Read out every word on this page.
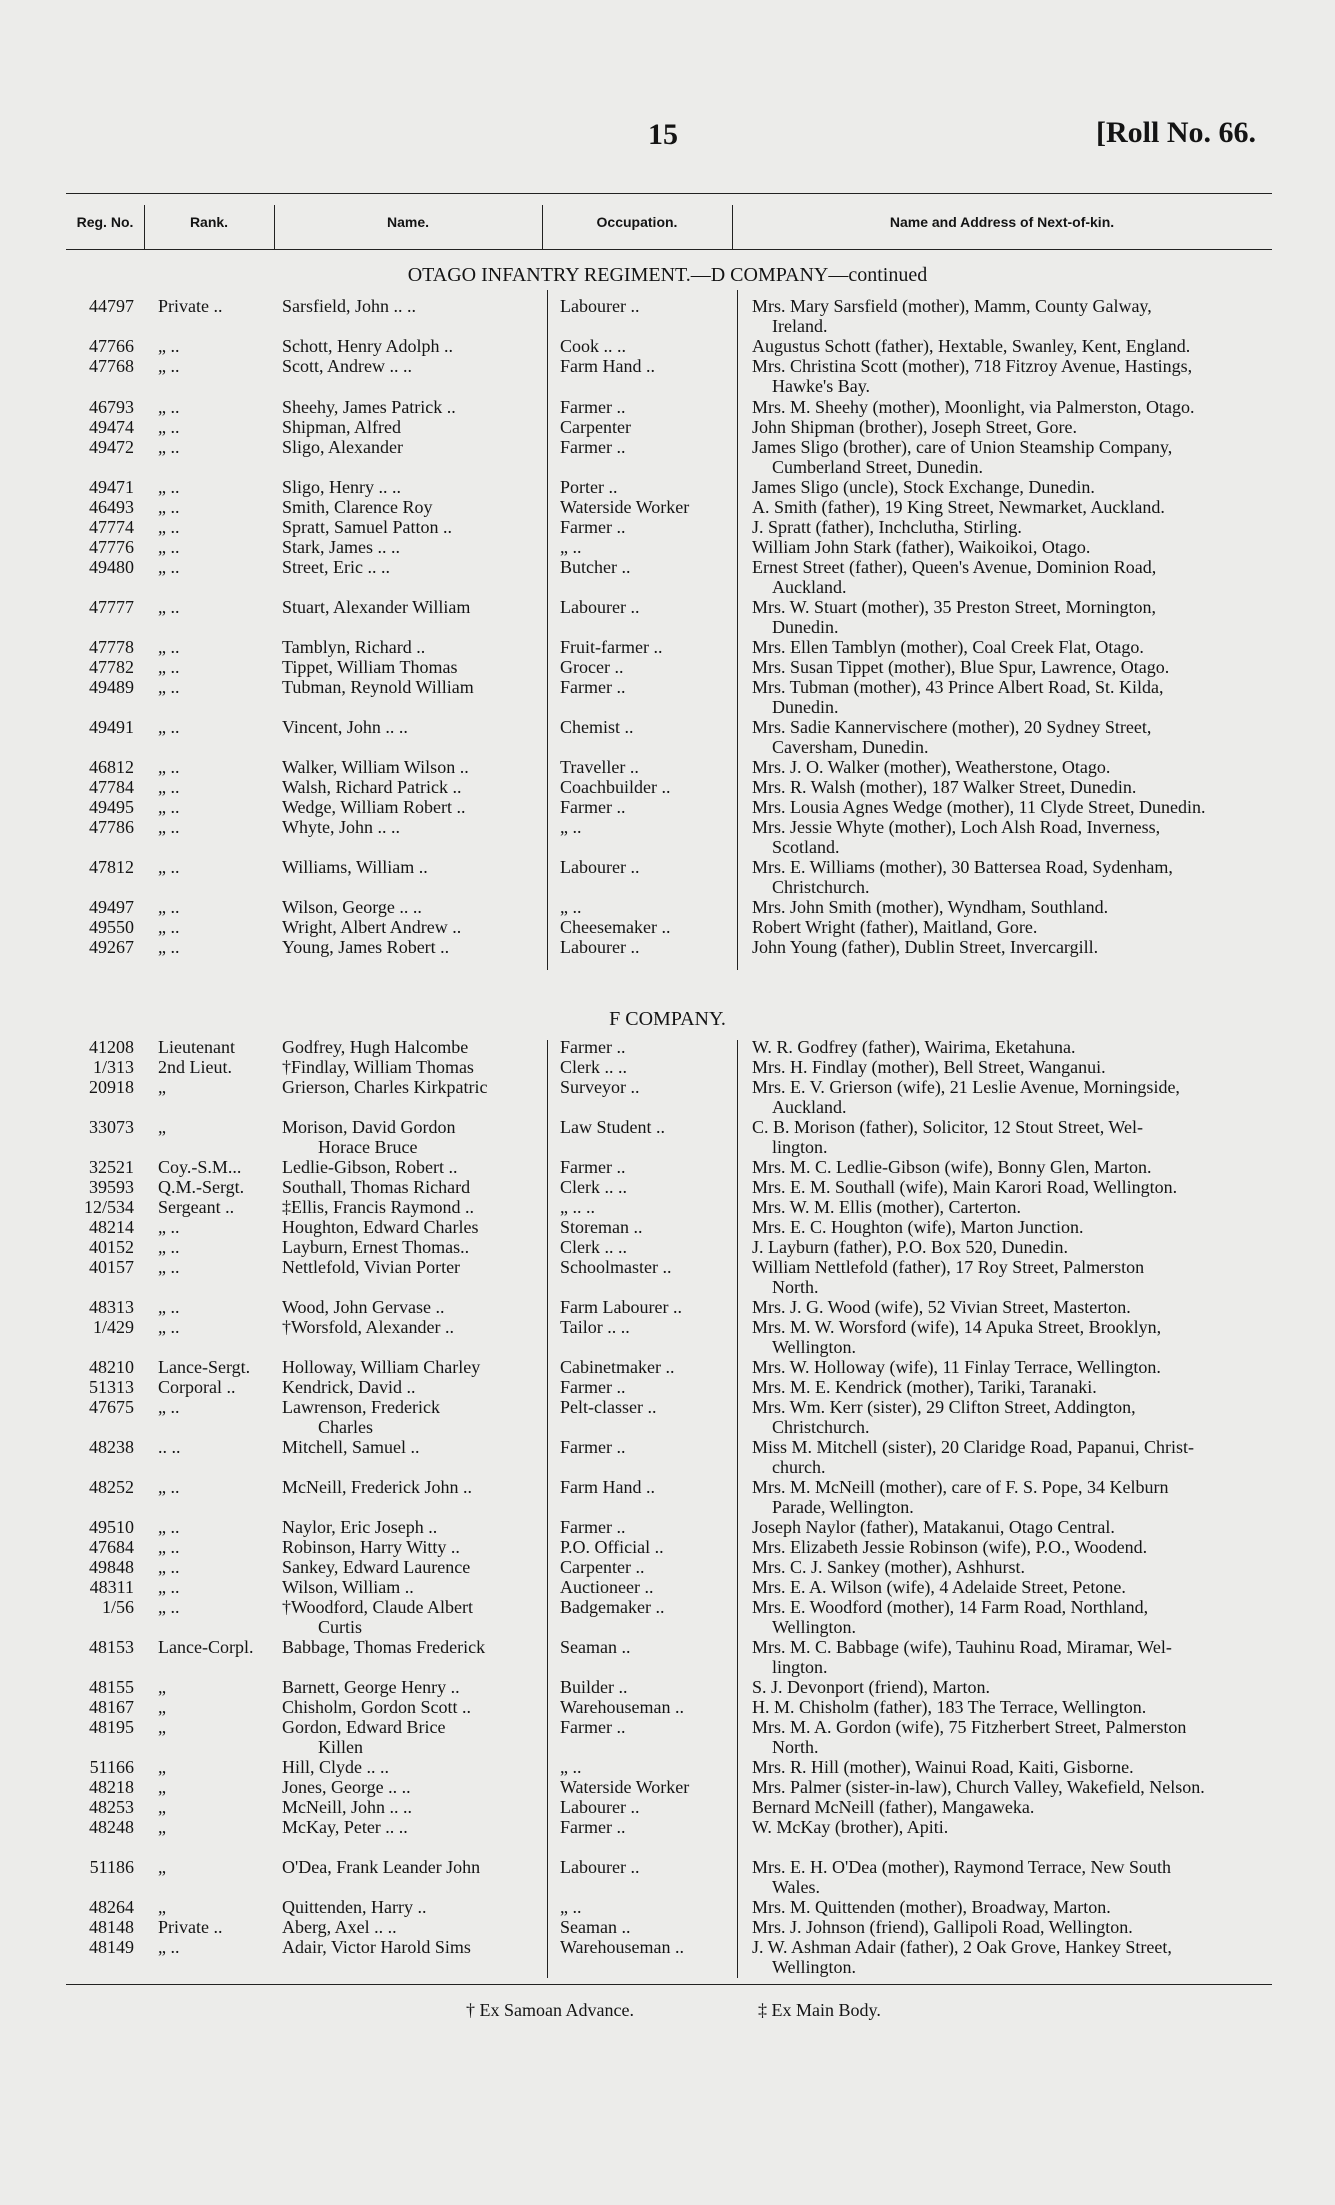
15	[Roll No. 66.
Reg. No.	Rank.	Name.	Occupation.	Name and Address of Next-of-kin.
OTAGO INFANTRY REGIMENT.—D COMPANY—continued
F COMPANY.
44797 Private ..	Sarsfield, John .. ..	Labourer ..	Mrs. Mary Sarsfield (mother), Mamm, County Galway,
Ireland.
47766 „ ..	Schott, Henry Adolph ..	Cook .. ..	Augustus Schott (father), Hextable, Swanley, Kent, England.
47768 „ ..	Scott, Andrew .. ..	Farm Hand ..	Mrs. Christina Scott (mother), 718 Fitzroy Avenue, Hastings,
Hawke's Bay.
46793 „ ..	Sheehy, James Patrick ..	Farmer ..	Mrs. M. Sheehy (mother), Moonlight, via Palmerston, Otago.
49474 „ ..	Shipman, Alfred	Carpenter	John Shipman (brother), Joseph Street, Gore.
49472 „ ..	Sligo, Alexander	Farmer ..	James Sligo (brother), care of Union Steamship Company,
Cumberland Street, Dunedin.
49471 „ ..	Sligo, Henry .. ..	Porter ..	James Sligo (uncle), Stock Exchange, Dunedin.
46493 „ ..	Smith, Clarence Roy	Waterside Worker	A. Smith (father), 19 King Street, Newmarket, Auckland.
47774 „ ..	Spratt, Samuel Patton ..	Farmer ..	J. Spratt (father), Inchclutha, Stirling.
47776 „ ..	Stark, James .. ..	„ ..	William John Stark (father), Waikoikoi, Otago.
49480 „ ..	Street, Eric .. ..	Butcher ..	Ernest Street (father), Queen's Avenue, Dominion Road,
Auckland.
47777 „ ..	Stuart, Alexander William	Labourer ..	Mrs. W. Stuart (mother), 35 Preston Street, Mornington,
Dunedin.
47778 „ ..	Tamblyn, Richard ..	Fruit-farmer ..	Mrs. Ellen Tamblyn (mother), Coal Creek Flat, Otago.
47782 „ ..	Tippet, William Thomas	Grocer ..	Mrs. Susan Tippet (mother), Blue Spur, Lawrence, Otago.
49489 „ ..	Tubman, Reynold William	Farmer ..	Mrs. Tubman (mother), 43 Prince Albert Road, St. Kilda,
Dunedin.
49491 „ ..	Vincent, John .. ..	Chemist ..	Mrs. Sadie Kannervischere (mother), 20 Sydney Street,
Caversham, Dunedin.
46812 „ ..	Walker, William Wilson ..	Traveller ..	Mrs. J. O. Walker (mother), Weatherstone, Otago.
47784 „ ..	Walsh, Richard Patrick ..	Coachbuilder ..	Mrs. R. Walsh (mother), 187 Walker Street, Dunedin.
49495 „ ..	Wedge, William Robert ..	Farmer ..	Mrs. Lousia Agnes Wedge (mother), 11 Clyde Street, Dunedin.
47786 „ ..	Whyte, John .. ..	„ ..	Mrs. Jessie Whyte (mother), Loch Alsh Road, Inverness,
Scotland.
47812 „ ..	Williams, William ..	Labourer ..	Mrs. E. Williams (mother), 30 Battersea Road, Sydenham,
Christchurch.
49497 „ ..	Wilson, George .. ..	„ ..	Mrs. John Smith (mother), Wyndham, Southland.
49550 „ ..	Wright, Albert Andrew ..	Cheesemaker ..	Robert Wright (father), Maitland, Gore.
49267 „ ..	Young, James Robert ..	Labourer ..	John Young (father), Dublin Street, Invercargill.
41208 Lieutenant	Godfrey, Hugh Halcombe	Farmer ..	W. R. Godfrey (father), Wairima, Eketahuna.
1/313 2nd Lieut.	†Findlay, William Thomas	Clerk .. ..	Mrs. H. Findlay (mother), Bell Street, Wanganui.
20918 „	Grierson, Charles Kirkpatric	Surveyor ..	Mrs. E. V. Grierson (wife), 21 Leslie Avenue, Morningside,
Auckland.
33073 „	Morison, David Gordon	Law Student ..	C. B. Morison (father), Solicitor, 12 Stout Street, Wel-
Horace Bruce	lington.
32521 Coy.-S.M...	Ledlie-Gibson, Robert ..	Farmer ..	Mrs. M. C. Ledlie-Gibson (wife), Bonny Glen, Marton.
39593 Q.M.-Sergt.	Southall, Thomas Richard	Clerk .. ..	Mrs. E. M. Southall (wife), Main Karori Road, Wellington.
12/534 Sergeant ..	‡Ellis, Francis Raymond ..	„ .. ..	Mrs. W. M. Ellis (mother), Carterton.
48214 „ ..	Houghton, Edward Charles	Storeman ..	Mrs. E. C. Houghton (wife), Marton Junction.
40152 „ ..	Layburn, Ernest Thomas..	Clerk .. ..	J. Layburn (father), P.O. Box 520, Dunedin.
40157 „ ..	Nettlefold, Vivian Porter	Schoolmaster ..	William Nettlefold (father), 17 Roy Street, Palmerston
North.
48313 „ ..	Wood, John Gervase ..	Farm Labourer ..	Mrs. J. G. Wood (wife), 52 Vivian Street, Masterton.
1/429 „ ..	†Worsfold, Alexander ..	Tailor .. ..	Mrs. M. W. Worsford (wife), 14 Apuka Street, Brooklyn,
Wellington.
48210 Lance-Sergt.	Holloway, William Charley	Cabinetmaker ..	Mrs. W. Holloway (wife), 11 Finlay Terrace, Wellington.
51313 Corporal ..	Kendrick, David ..	Farmer ..	Mrs. M. E. Kendrick (mother), Tariki, Taranaki.
47675 „ ..	Lawrenson, Frederick	Pelt-classer ..	Mrs. Wm. Kerr (sister), 29 Clifton Street, Addington,
Charles	Christchurch.
48238 .. ..	Mitchell, Samuel ..	Farmer ..	Miss M. Mitchell (sister), 20 Claridge Road, Papanui, Christ-
church.
48252 „ ..	McNeill, Frederick John ..	Farm Hand ..	Mrs. M. McNeill (mother), care of F. S. Pope, 34 Kelburn
Parade, Wellington.
49510 „ ..	Naylor, Eric Joseph ..	Farmer ..	Joseph Naylor (father), Matakanui, Otago Central.
47684 „ ..	Robinson, Harry Witty ..	P.O. Official ..	Mrs. Elizabeth Jessie Robinson (wife), P.O., Woodend.
49848 „ ..	Sankey, Edward Laurence	Carpenter ..	Mrs. C. J. Sankey (mother), Ashhurst.
48311 „ ..	Wilson, William ..	Auctioneer ..	Mrs. E. A. Wilson (wife), 4 Adelaide Street, Petone.
1/56 „ ..	†Woodford, Claude Albert	Badgemaker ..	Mrs. E. Woodford (mother), 14 Farm Road, Northland,
Curtis	Wellington.
48153 Lance-Corpl.	Babbage, Thomas Frederick	Seaman ..	Mrs. M. C. Babbage (wife), Tauhinu Road, Miramar, Wel-
lington.
48155 „	Barnett, George Henry ..	Builder ..	S. J. Devonport (friend), Marton.
48167 „	Chisholm, Gordon Scott ..	Warehouseman ..	H. M. Chisholm (father), 183 The Terrace, Wellington.
48195 „	Gordon, Edward Brice	Farmer ..	Mrs. M. A. Gordon (wife), 75 Fitzherbert Street, Palmerston
Killen	North.
51166 „	Hill, Clyde .. ..	„ ..	Mrs. R. Hill (mother), Wainui Road, Kaiti, Gisborne.
48218 „	Jones, George .. ..	Waterside Worker	Mrs. Palmer (sister-in-law), Church Valley, Wakefield, Nelson.
48253 „	McNeill, John .. ..	Labourer ..	Bernard McNeill (father), Mangaweka.
48248 „	McKay, Peter .. ..	Farmer ..	W. McKay (brother), Apiti.
51186 „	O'Dea, Frank Leander John	Labourer ..	Mrs. E. H. O'Dea (mother), Raymond Terrace, New South
Wales.
48264 „	Quittenden, Harry ..	„ ..	Mrs. M. Quittenden (mother), Broadway, Marton.
48148 Private ..	Aberg, Axel .. ..	Seaman ..	Mrs. J. Johnson (friend), Gallipoli Road, Wellington.
48149 „ ..	Adair, Victor Harold Sims	Warehouseman ..	J. W. Ashman Adair (father), 2 Oak Grove, Hankey Street,
Wellington.
† Ex Samoan Advance.	‡ Ex Main Body.
